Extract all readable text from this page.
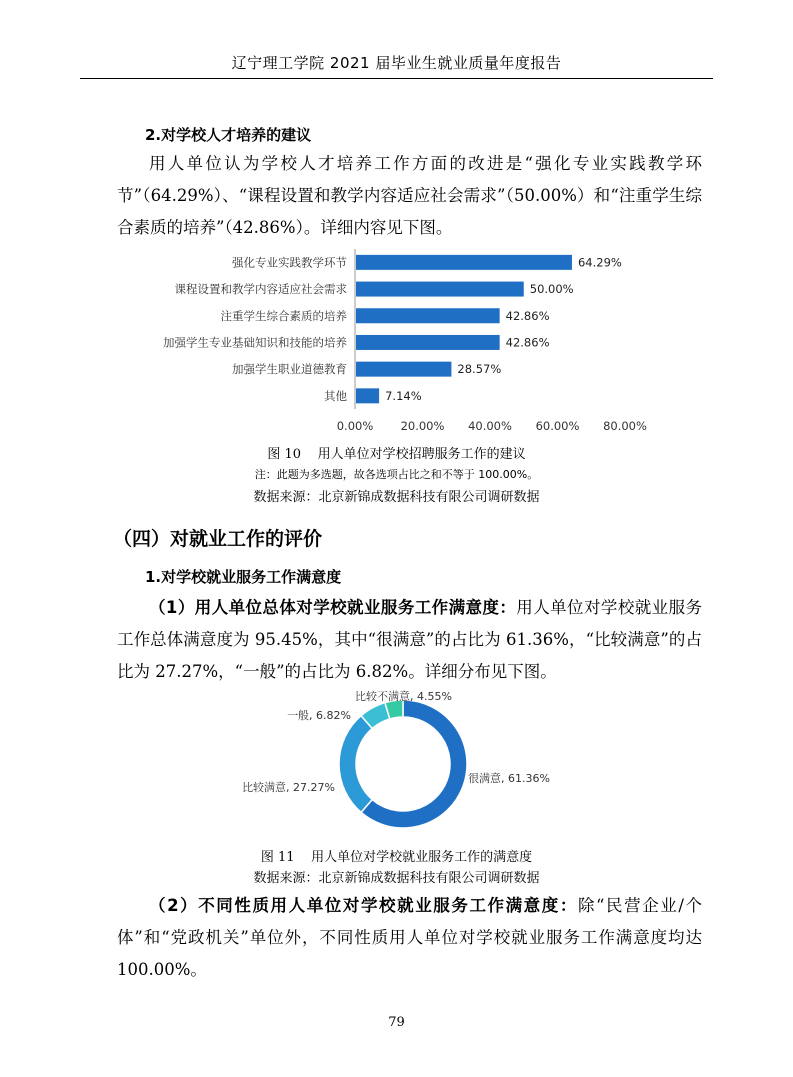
辽宁理工学院 2021 届毕业生就业质量年度报告
2.对学校人才培养的建议
用人单位认为学校人才培养工作方面的改进是“强化专业实践教学环节”（64.29%）、“课程设置和教学内容适应社会需求”（50.00%）和“注重学生综合素质的培养”（42.86%）。详细内容见下图。
强化专业实践教学环节
课程设置和教学内容适应社会需求
注重学生综合素质的培养
加强学生专业基础知识和技能的培养
加强学生职业道德教育
其他
64.29%
50.00%
42.86%
42.86%
28.57%
7.14%
0.00% 20.00% 40.00% 60.00% 80.00%
图 10 用人单位对学校招聘服务工作的建议
注：此题为多选题，故各选项占比之和不等于 100.00%。
数据来源：北京新锦成数据科技有限公司调研数据
（四）对就业工作的评价
1.对学校就业服务工作满意度
（1）用人单位总体对学校就业服务工作满意度：用人单位对学校就业服务工作总体满意度为 95.45%，其中“很满意”的占比为 61.36%，“比较满意”的占比为 27.27%，“一般”的占比为 6.82%。详细分布见下图。
很满意, 61.36%
比较满意, 27.27%
一般, 6.82%
比较不满意, 4.55%
图 11 用人单位对学校就业服务工作的满意度
数据来源：北京新锦成数据科技有限公司调研数据
（2）不同性质用人单位对学校就业服务工作满意度：除“民营企业/个体”和“党政机关”单位外，不同性质用人单位对学校就业服务工作满意度均达 100.00%。
79
